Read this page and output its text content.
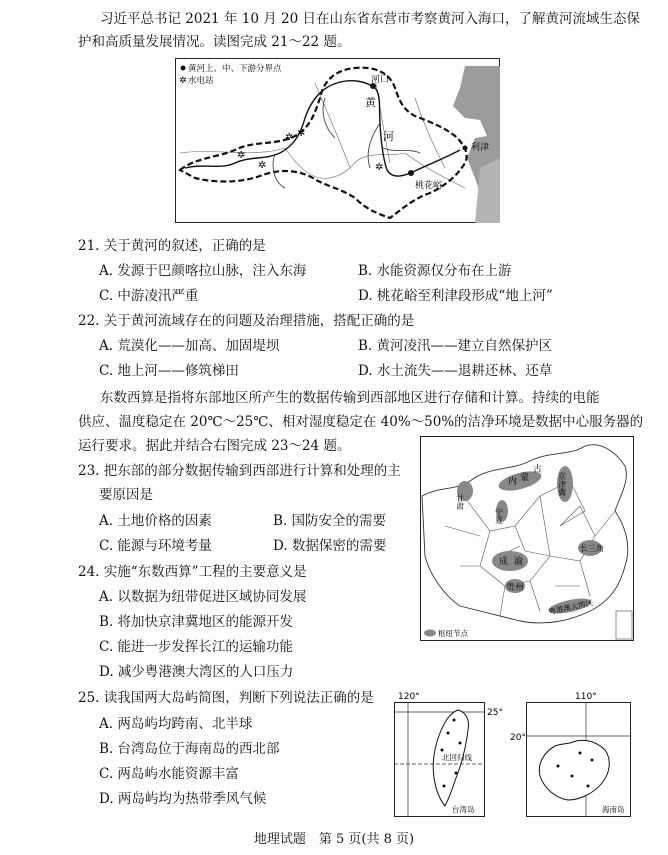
习近平总书记 2021 年 10 月 20 日在山东省东营市考察黄河入海口，了解黄河流域生态保
护和高质量发展情况。读图完成 21～22 题。
黄河上、中、下游分界点
✲ 水电站
✲
✲
✲ ✲
✲
河口
黄
河
利津
桃花峪
21. 关于黄河的叙述，正确的是
A. 发源于巴颜喀拉山脉，注入东海	B. 水能资源仅分布在上游
C. 中游凌汛严重	D. 桃花峪至利津段形成“地上河”
22. 关于黄河流域存在的问题及治理措施，搭配正确的是
A. 荒漠化——加高、加固堤坝	B. 黄河凌汛——建立自然保护区
C. 地上河——修筑梯田	D. 水土流失——退耕还林、还草
东数西算是指将东部地区所产生的数据传输到西部地区进行存储和计算。持续的电能
供应、温度稳定在 20℃～25℃、相对湿度稳定在 40%～50%的洁净环境是数据中心服务器的
运行要求。据此并结合右图完成 23～24 题。
内 蒙
古
甘肃
宁夏
京津冀
成渝
贵州
长三角
粤港澳大湾区
枢纽节点
23. 把东部的部分数据传输到西部进行计算和处理的主
要原因是
A. 土地价格的因素	B. 国防安全的需要
C. 能源与环境考量	D. 数据保密的需要
24. 实施“东数西算”工程的主要意义是
A. 以数据为纽带促进区域协同发展
B. 将加快京津冀地区的能源开发
C. 能进一步发挥长江的运输功能
D. 减少粤港澳大湾区的人口压力
25. 读我国两大岛屿简图，判断下列说法正确的是
A. 两岛屿均跨南、北半球
B. 台湾岛位于海南岛的西北部
C. 两岛屿水能资源丰富
D. 两岛屿均为热带季风气候
120°
25°
北回归线
台湾岛
110°
20°
海南岛
地理试题　第 5 页(共 8 页)
